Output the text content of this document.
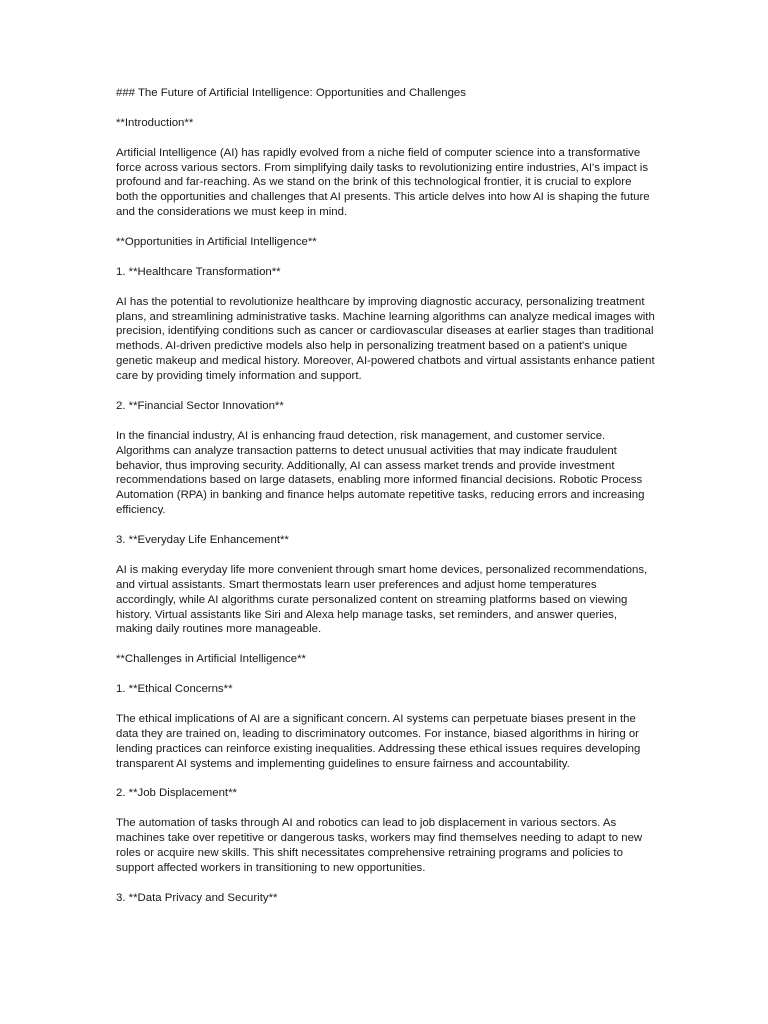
### The Future of Artificial Intelligence: Opportunities and Challenges

**Introduction**

Artificial Intelligence (AI) has rapidly evolved from a niche field of computer science into a transformative force across various sectors. From simplifying daily tasks to revolutionizing entire industries, AI's impact is profound and far-reaching. As we stand on the brink of this technological frontier, it is crucial to explore both the opportunities and challenges that AI presents. This article delves into how AI is shaping the future and the considerations we must keep in mind.

**Opportunities in Artificial Intelligence**

1. **Healthcare Transformation**

AI has the potential to revolutionize healthcare by improving diagnostic accuracy, personalizing treatment plans, and streamlining administrative tasks. Machine learning algorithms can analyze medical images with precision, identifying conditions such as cancer or cardiovascular diseases at earlier stages than traditional methods. AI-driven predictive models also help in personalizing treatment based on a patient's unique genetic makeup and medical history. Moreover, AI-powered chatbots and virtual assistants enhance patient care by providing timely information and support.

2. **Financial Sector Innovation**

In the financial industry, AI is enhancing fraud detection, risk management, and customer service. Algorithms can analyze transaction patterns to detect unusual activities that may indicate fraudulent behavior, thus improving security. Additionally, AI can assess market trends and provide investment recommendations based on large datasets, enabling more informed financial decisions. Robotic Process Automation (RPA) in banking and finance helps automate repetitive tasks, reducing errors and increasing efficiency.

3. **Everyday Life Enhancement**

AI is making everyday life more convenient through smart home devices, personalized recommendations, and virtual assistants. Smart thermostats learn user preferences and adjust home temperatures accordingly, while AI algorithms curate personalized content on streaming platforms based on viewing history. Virtual assistants like Siri and Alexa help manage tasks, set reminders, and answer queries, making daily routines more manageable.

**Challenges in Artificial Intelligence**

1. **Ethical Concerns**

The ethical implications of AI are a significant concern. AI systems can perpetuate biases present in the data they are trained on, leading to discriminatory outcomes. For instance, biased algorithms in hiring or lending practices can reinforce existing inequalities. Addressing these ethical issues requires developing transparent AI systems and implementing guidelines to ensure fairness and accountability.

2. **Job Displacement**

The automation of tasks through AI and robotics can lead to job displacement in various sectors. As machines take over repetitive or dangerous tasks, workers may find themselves needing to adapt to new roles or acquire new skills. This shift necessitates comprehensive retraining programs and policies to support affected workers in transitioning to new opportunities.

3. **Data Privacy and Security**
